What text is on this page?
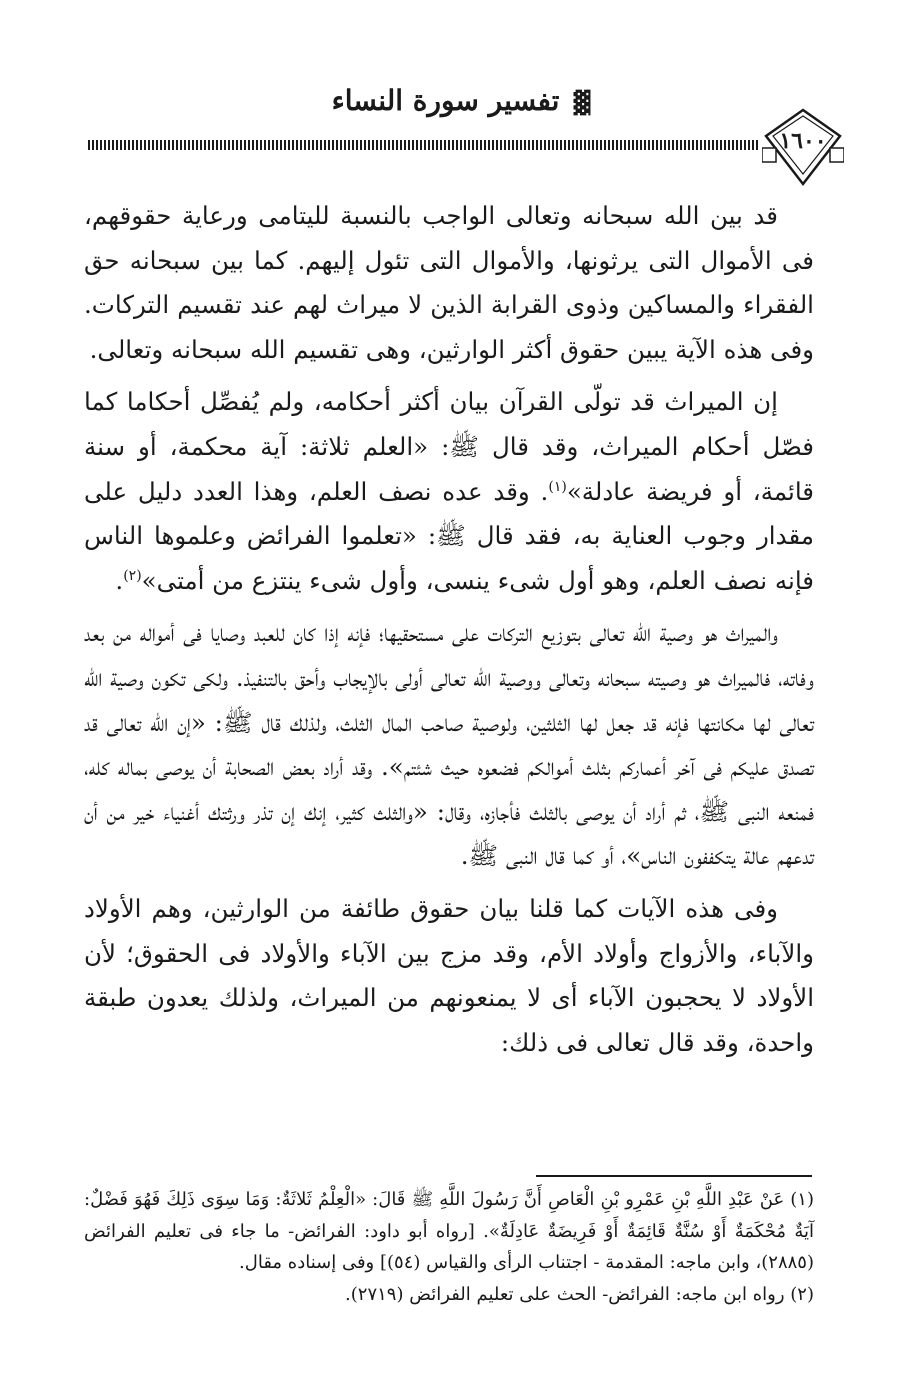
▓تفسير سورة النساء
١٦٠٠

قد بين الله سبحانه وتعالى الواجب بالنسبة لليتامى ورعاية حقوقهم، فى الأموال التى يرثونها، والأموال التى تئول إليهم. كما بين سبحانه حق الفقراء والمساكين وذوى القرابة الذين لا ميراث لهم عند تقسيم التركات. وفى هذه الآية يبين حقوق أكثر الوارثين، وهى تقسيم الله سبحانه وتعالى.

إن الميراث قد تولّى القرآن بيان أكثر أحكامه، ولم يُفصِّل أحكاما كما فصّل أحكام الميراث، وقد قال ﷺ: «العلم ثلاثة: آية محكمة، أو سنة قائمة، أو فريضة عادلة»$^{(١)}$. وقد عده نصف العلم، وهذا العدد دليل على مقدار وجوب العناية به، فقد قال ﷺ: «تعلموا الفرائض وعلموها الناس فإنه نصف العلم، وهو أول شىء ينسى، وأول شىء ينتزع من أمتى»$^{(٢)}$.

والميراث هو وصية الله تعالى بتوزيع التركات على مستحقيها؛ فإنه إذا كان للعبد وصايا فى أمواله من بعد وفاته، فالميراث هو وصيته سبحانه وتعالى ووصية الله تعالى أولى بالإيجاب وأحق بالتنفيذ. ولكى تكون وصية الله تعالى لها مكانتها فإنه قد جعل لها الثلثين، ولوصية صاحب المال الثلث، ولذلك قال ﷺ: «إن الله تعالى قد تصدق عليكم فى آخر أعماركم بثلث أموالكم فضعوه حيث شئتم». وقد أراد بعض الصحابة أن يوصى بماله كله، فمنعه النبى ﷺ، ثم أراد أن يوصى بالثلث فأجازه، وقال: «والثلث كثير، إنك إن تذر ورثتك أغنياء خير من أن تدعهم عالة يتكففون الناس»، أو كما قال النبى ﷺ.

وفى هذه الآيات كما قلنا بيان حقوق طائفة من الوارثين، وهم الأولاد والآباء، والأزواج وأولاد الأم، وقد مزج بين الآباء والأولاد فى الحقوق؛ لأن الأولاد لا يحجبون الآباء أى لا يمنعونهم من الميراث، ولذلك يعدون طبقة واحدة، وقد قال تعالى فى ذلك:

(١) عَنْ عَبْدِ اللَّهِ بْنِ عَمْرِو بْنِ الْعَاصِ أَنَّ رَسُولَ اللَّهِ ﷺ قَالَ: «الْعِلْمُ ثَلاثَةٌ: وَمَا سِوَى ذَلِكَ فَهُوَ فَضْلٌ: آيَةٌ مُحْكَمَةٌ أَوْ سُنَّةٌ قَائِمَةٌ أَوْ فَرِيضَةٌ عَادِلَةٌ». [رواه أبو داود: الفرائض- ما جاء فى تعليم الفرائض (٢٨٨٥)، وابن ماجه: المقدمة - اجتناب الرأى والقياس (٥٤)] وفى إسناده مقال.

(٢) رواه ابن ماجه: الفرائض- الحث على تعليم الفرائض (٢٧١٩).
